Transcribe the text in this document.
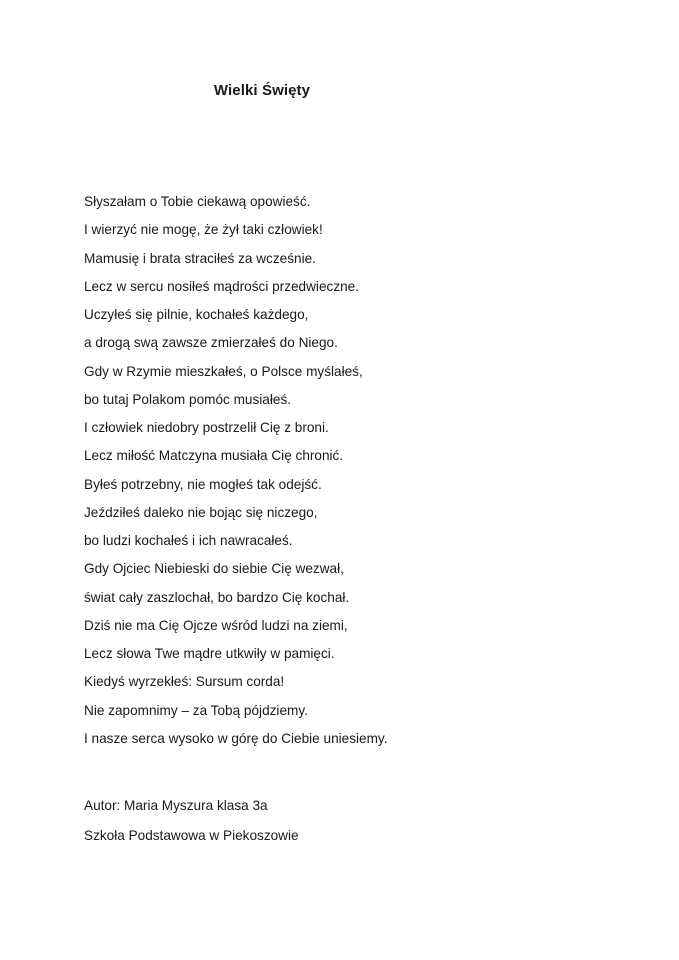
Wielki Święty
Słyszałam o Tobie ciekawą opowieść.
I wierzyć nie mogę, że żył taki człowiek!
Mamusię i brata straciłeś za wcześnie.
Lecz w sercu nosiłeś mądrości przedwieczne.
Uczyłeś się pilnie, kochałeś każdego,
a drogą swą zawsze zmierzałeś do Niego.
Gdy w Rzymie mieszkałeś, o Polsce myślałeś,
bo tutaj Polakom pomóc musiałeś.
I człowiek niedobry postrzelił Cię z broni.
Lecz miłość Matczyna musiała Cię chronić.
Byłeś potrzebny, nie mogłeś tak odejść.
Jeździłeś daleko nie bojąc się niczego,
bo ludzi kochałeś i ich nawracałeś.
Gdy Ojciec Niebieski do siebie Cię wezwał,
świat cały zaszlochał, bo bardzo Cię kochał.
Dziś nie ma Cię Ojcze wśród ludzi na ziemi,
Lecz słowa Twe mądre utkwiły w pamięci.
Kiedyś wyrzekłeś: Sursum corda!
Nie zapomnimy – za Tobą pójdziemy.
I nasze serca wysoko w górę do Ciebie uniesiemy.
Autor: Maria Myszura klasa 3a
Szkoła Podstawowa w Piekoszowie
